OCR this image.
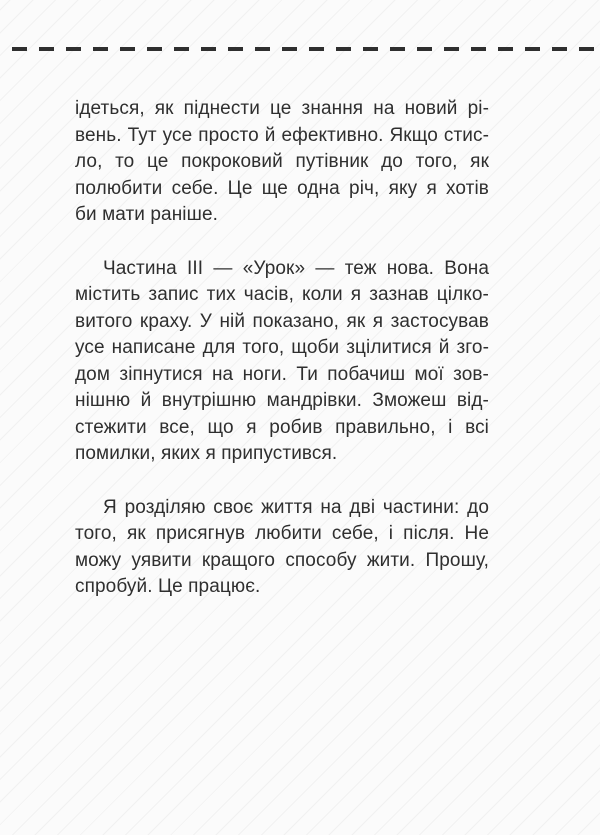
ідеться, як піднести це знання на новий рі-
вень. Тут усе просто й ефективно. Якщо стис-
ло, то це покроковий путівник до того, як
полюбити себе. Це ще одна річ, яку я хотів
би мати раніше.

Частина III — «Урок» — теж нова. Вона
містить запис тих часів, коли я зазнав цілко-
витого краху. У ній показано, як я застосував
усе написане для того, щоби зцілитися й зго-
дом зіпнутися на ноги. Ти побачиш мої зов-
нішню й внутрішню мандрівки. Зможеш від-
стежити все, що я робив правильно, і всі
помилки, яких я припустився.

Я розділяю своє життя на дві частини: до
того, як присягнув любити себе, і після. Не
можу уявити кращого способу жити. Прошу,
спробуй. Це працює.
